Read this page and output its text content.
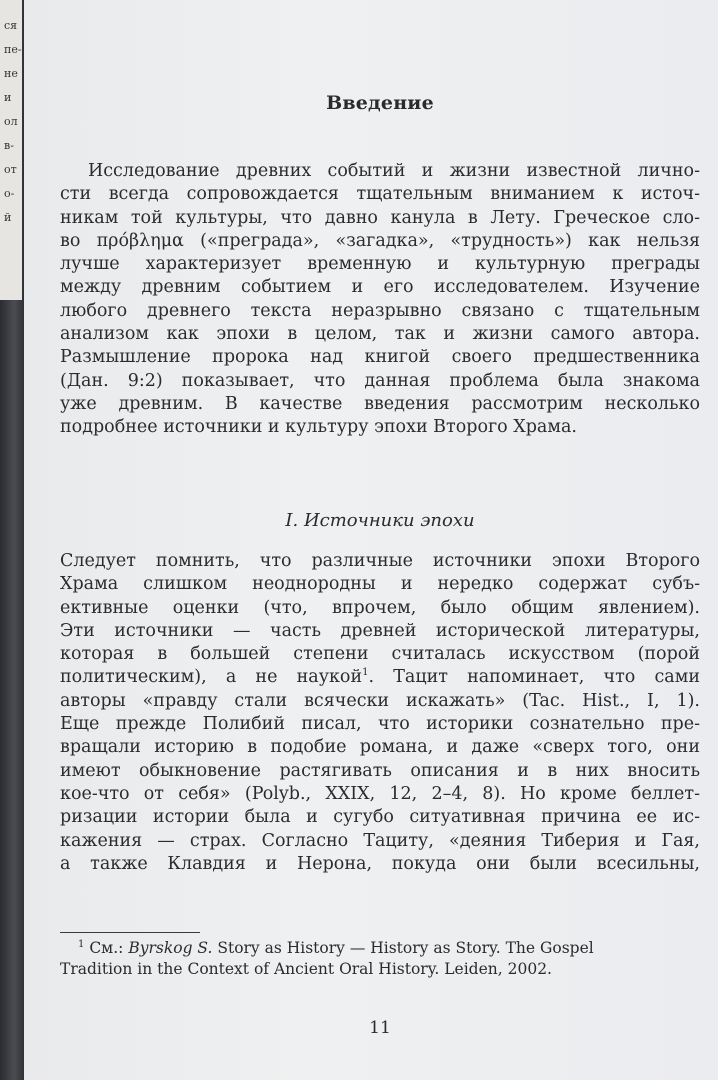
ся
пе-
не
и
ол
в-
от
о-
й
Введение
Исследование древних событий и жизни известной лично-
сти всегда сопровождается тщательным вниманием к источ-
никам той культуры, что давно канула в Лету. Греческое сло-
во πρόβλημα («преграда», «загадка», «трудность») как нельзя
лучше характеризует временную и культурную преграды
между древним событием и его исследователем. Изучение
любого древнего текста неразрывно связано с тщательным
анализом как эпохи в целом, так и жизни самого автора.
Размышление пророка над книгой своего предшественника
(Дан. 9:2) показывает, что данная проблема была знакома
уже древним. В качестве введения рассмотрим несколько
подробнее источники и культуру эпохи Второго Храма.
I. Источники эпохи
Следует помнить, что различные источники эпохи Второго
Храма слишком неоднородны и нередко содержат субъ-
ективные оценки (что, впрочем, было общим явлением).
Эти источники — часть древней исторической литературы,
которая в большей степени считалась искусством (порой
политическим), а не наукой$^1$. Тацит напоминает, что сами
авторы «правду стали всячески искажать» (Tac. Hist., I, 1).
Еще прежде Полибий писал, что историки сознательно пре-
вращали историю в подобие романа, и даже «сверх того, они
имеют обыкновение растягивать описания и в них вносить
кое-что от себя» (Polyb., XXIX, 12, 2–4, 8). Но кроме беллет-
ризации истории была и сугубо ситуативная причина ее ис-
кажения — страх. Согласно Тациту, «деяния Тиберия и Гая,
а также Клавдия и Нерона, покуда они были всесильны,
$^1$ См.: Byrskog S. Story as History — History as Story. The Gospel
Tradition in the Context of Ancient Oral History. Leiden, 2002.
11
